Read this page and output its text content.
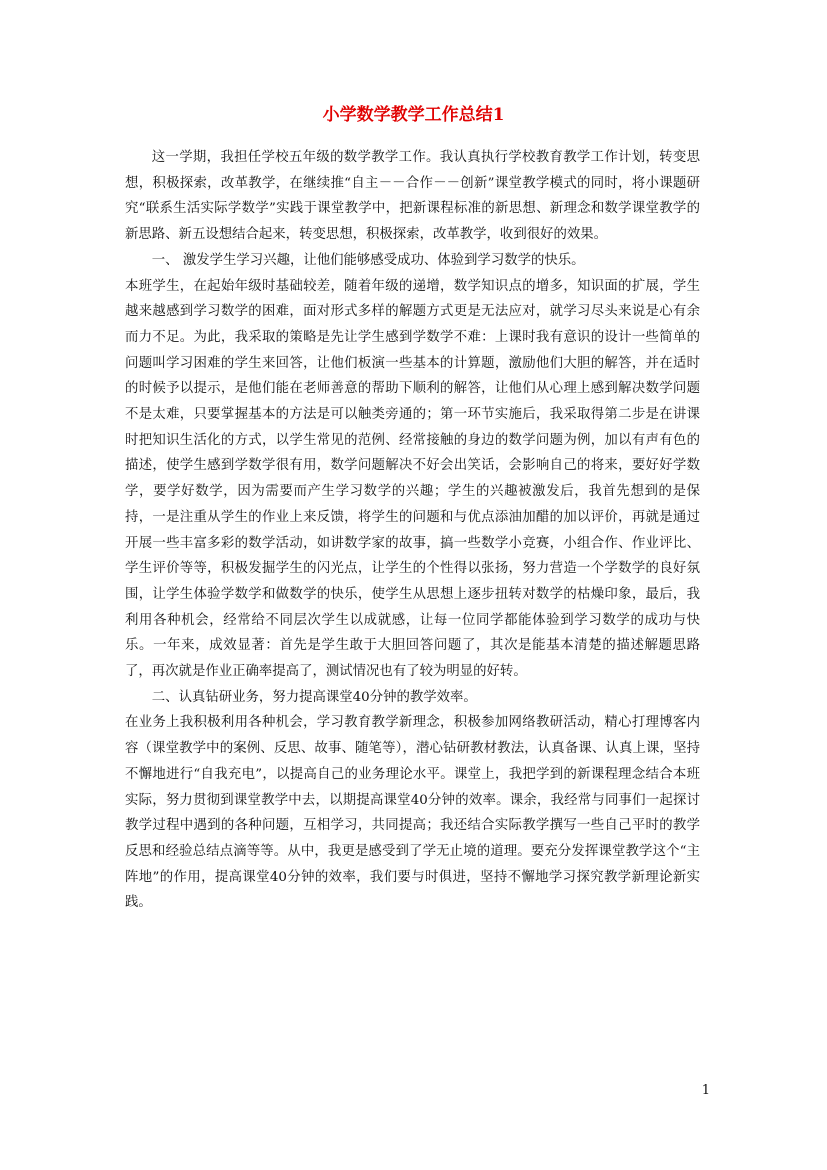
小学数学教学工作总结1

这一学期，我担任学校五年级的数学教学工作。我认真执行学校教育教学工作计划，转变思想，积极探索，改革教学，在继续推“自主－－合作－－创新”课堂教学模式的同时，将小课题研究“联系生活实际学数学”实践于课堂教学中，把新课程标准的新思想、新理念和数学课堂教学的新思路、新五设想结合起来，转变思想，积极探索，改革教学，收到很好的效果。

一、 激发学生学习兴趣，让他们能够感受成功、体验到学习数学的快乐。

本班学生，在起始年级时基础较差，随着年级的递增，数学知识点的增多，知识面的扩展，学生越来越感到学习数学的困难，面对形式多样的解题方式更是无法应对，就学习尽头来说是心有余而力不足。为此，我采取的策略是先让学生感到学数学不难：上课时我有意识的设计一些简单的问题叫学习困难的学生来回答，让他们板演一些基本的计算题，激励他们大胆的解答，并在适时的时候予以提示，是他们能在老师善意的帮助下顺利的解答，让他们从心理上感到解决数学问题不是太难，只要掌握基本的方法是可以触类旁通的；第一环节实施后，我采取得第二步是在讲课时把知识生活化的方式，以学生常见的范例、经常接触的身边的数学问题为例，加以有声有色的描述，使学生感到学数学很有用，数学问题解决不好会出笑话，会影响自己的将来，要好好学数学，要学好数学，因为需要而产生学习数学的兴趣；学生的兴趣被激发后，我首先想到的是保持，一是注重从学生的作业上来反馈，将学生的问题和与优点添油加醋的加以评价，再就是通过开展一些丰富多彩的数学活动，如讲数学家的故事，搞一些数学小竞赛，小组合作、作业评比、学生评价等等，积极发掘学生的闪光点，让学生的个性得以张扬，努力营造一个学数学的良好氛围，让学生体验学数学和做数学的快乐，使学生从思想上逐步扭转对数学的枯燥印象，最后，我利用各种机会，经常给不同层次学生以成就感，让每一位同学都能体验到学习数学的成功与快乐。一年来，成效显著：首先是学生敢于大胆回答问题了，其次是能基本清楚的描述解题思路了，再次就是作业正确率提高了，测试情况也有了较为明显的好转。

二、认真钻研业务，努力提高课堂40分钟的教学效率。

在业务上我积极利用各种机会，学习教育教学新理念，积极参加网络教研活动，精心打理博客内容（课堂教学中的案例、反思、故事、随笔等），潜心钻研教材教法，认真备课、认真上课，坚持不懈地进行“自我充电”，以提高自己的业务理论水平。课堂上，我把学到的新课程理念结合本班实际，努力贯彻到课堂教学中去，以期提高课堂40分钟的效率。课余，我经常与同事们一起探讨教学过程中遇到的各种问题，互相学习，共同提高；我还结合实际教学撰写一些自己平时的教学反思和经验总结点滴等等。从中，我更是感受到了学无止境的道理。要充分发挥课堂教学这个“主阵地”的作用，提高课堂40分钟的效率，我们要与时俱进，坚持不懈地学习探究教学新理论新实践。

1
